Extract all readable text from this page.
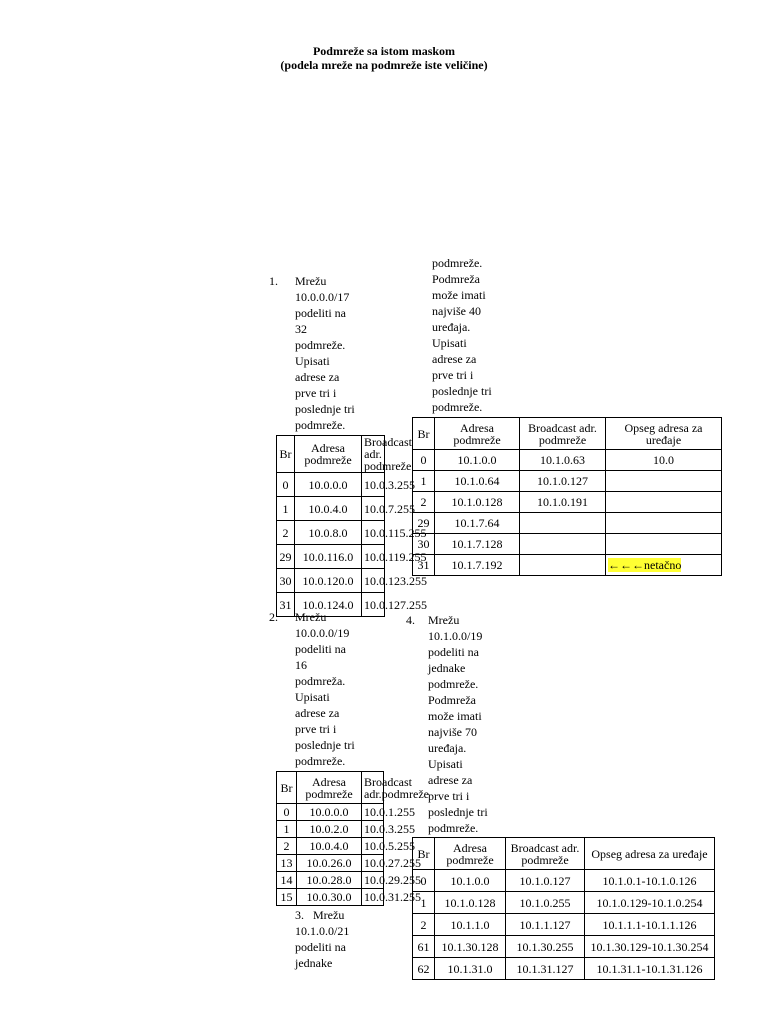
Podmreže sa istom maskom
(podela mreže na podmreže iste veličine)
podmreže.
Podmreža
može imati
najviše 40
uređaja.
Upisati
adrese za
prve tri i
poslednje tri
podmreže.
1. Mrežu
10.0.0.0/17
podeliti na
32
podmreže.
Upisati
adrese za
prve tri i
poslednje tri
podmreže.
Br	Adresa podmreže	Broadcast adr. podmreže
0	10.0.0.0	10.0.3.255
1	10.0.4.0	10.0.7.255
2	10.0.8.0	10.0.115.255
29	10.0.116.0	10.0.119.255
30	10.0.120.0	10.0.123.255
31	10.0.124.0	10.0.127.255
Br	Adresa podmreže	Broadcast adr. podmreže	Opseg adresa za uređaje
0	10.1.0.0	10.1.0.63	10.0
1	10.1.0.64	10.1.0.127	
2	10.1.0.128	10.1.0.191	
29	10.1.7.64		
30	10.1.7.128		
31	10.1.7.192		←←←netačno
2. Mrežu
10.0.0.0/19
podeliti na
16
podmreža.
Upisati
adrese za
prve tri i
poslednje tri
podmreže.
Br	Adresa podmreže	Broadcast adr.podmreže
0	10.0.0.0	10.0.1.255
1	10.0.2.0	10.0.3.255
2	10.0.4.0	10.0.5.255
13	10.0.26.0	10.0.27.255
14	10.0.28.0	10.0.29.255
15	10.0.30.0	10.0.31.255
4. Mrežu
10.1.0.0/19
podeliti na
jednake
podmreže.
Podmreža
može imati
najviše 70
uređaja.
Upisati
adrese za
prve tri i
poslednje tri
podmreže.
Br	Adresa podmreže	Broadcast adr. podmreže	Opseg adresa za uređaje
0	10.1.0.0	10.1.0.127	10.1.0.1-10.1.0.126
1	10.1.0.128	10.1.0.255	10.1.0.129-10.1.0.254
2	10.1.1.0	10.1.1.127	10.1.1.1-10.1.1.126
61	10.1.30.128	10.1.30.255	10.1.30.129-10.1.30.254
62	10.1.31.0	10.1.31.127	10.1.31.1-10.1.31.126
3. Mrežu
10.1.0.0/21
podeliti na
jednake
